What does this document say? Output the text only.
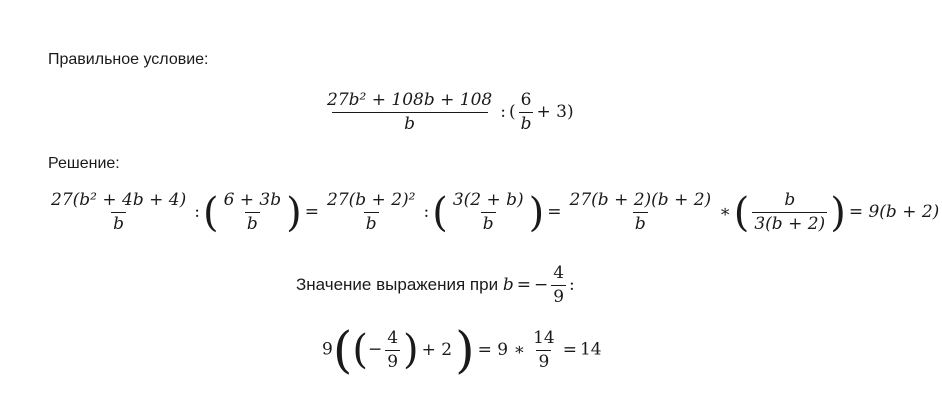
Правильное условие:
$\frac{\text{27b² + 108b + 108}}{b}$ : ( $\frac{6}{b} + 3$)
Решение:
$\frac{\text{27(b² + 4b + 4)}}{b}$ :( $\frac{6 + 3b}{b}$ ) = $\frac{\text{27(b + 2)²}}{b}$ :( $\frac{3(2 + b)}{b}$ ) = $\frac{27(b + 2)(b + 2)}{b}$ ∗( $\frac{b}{3(b + 2)}$ ) = 9(b + 2)
Значение выражения при b = − $\frac{4}{9}$ :
$9((- \frac{4}{9}$ ) + 2) = 9 ∗ $\frac{14}{9} = 14$
